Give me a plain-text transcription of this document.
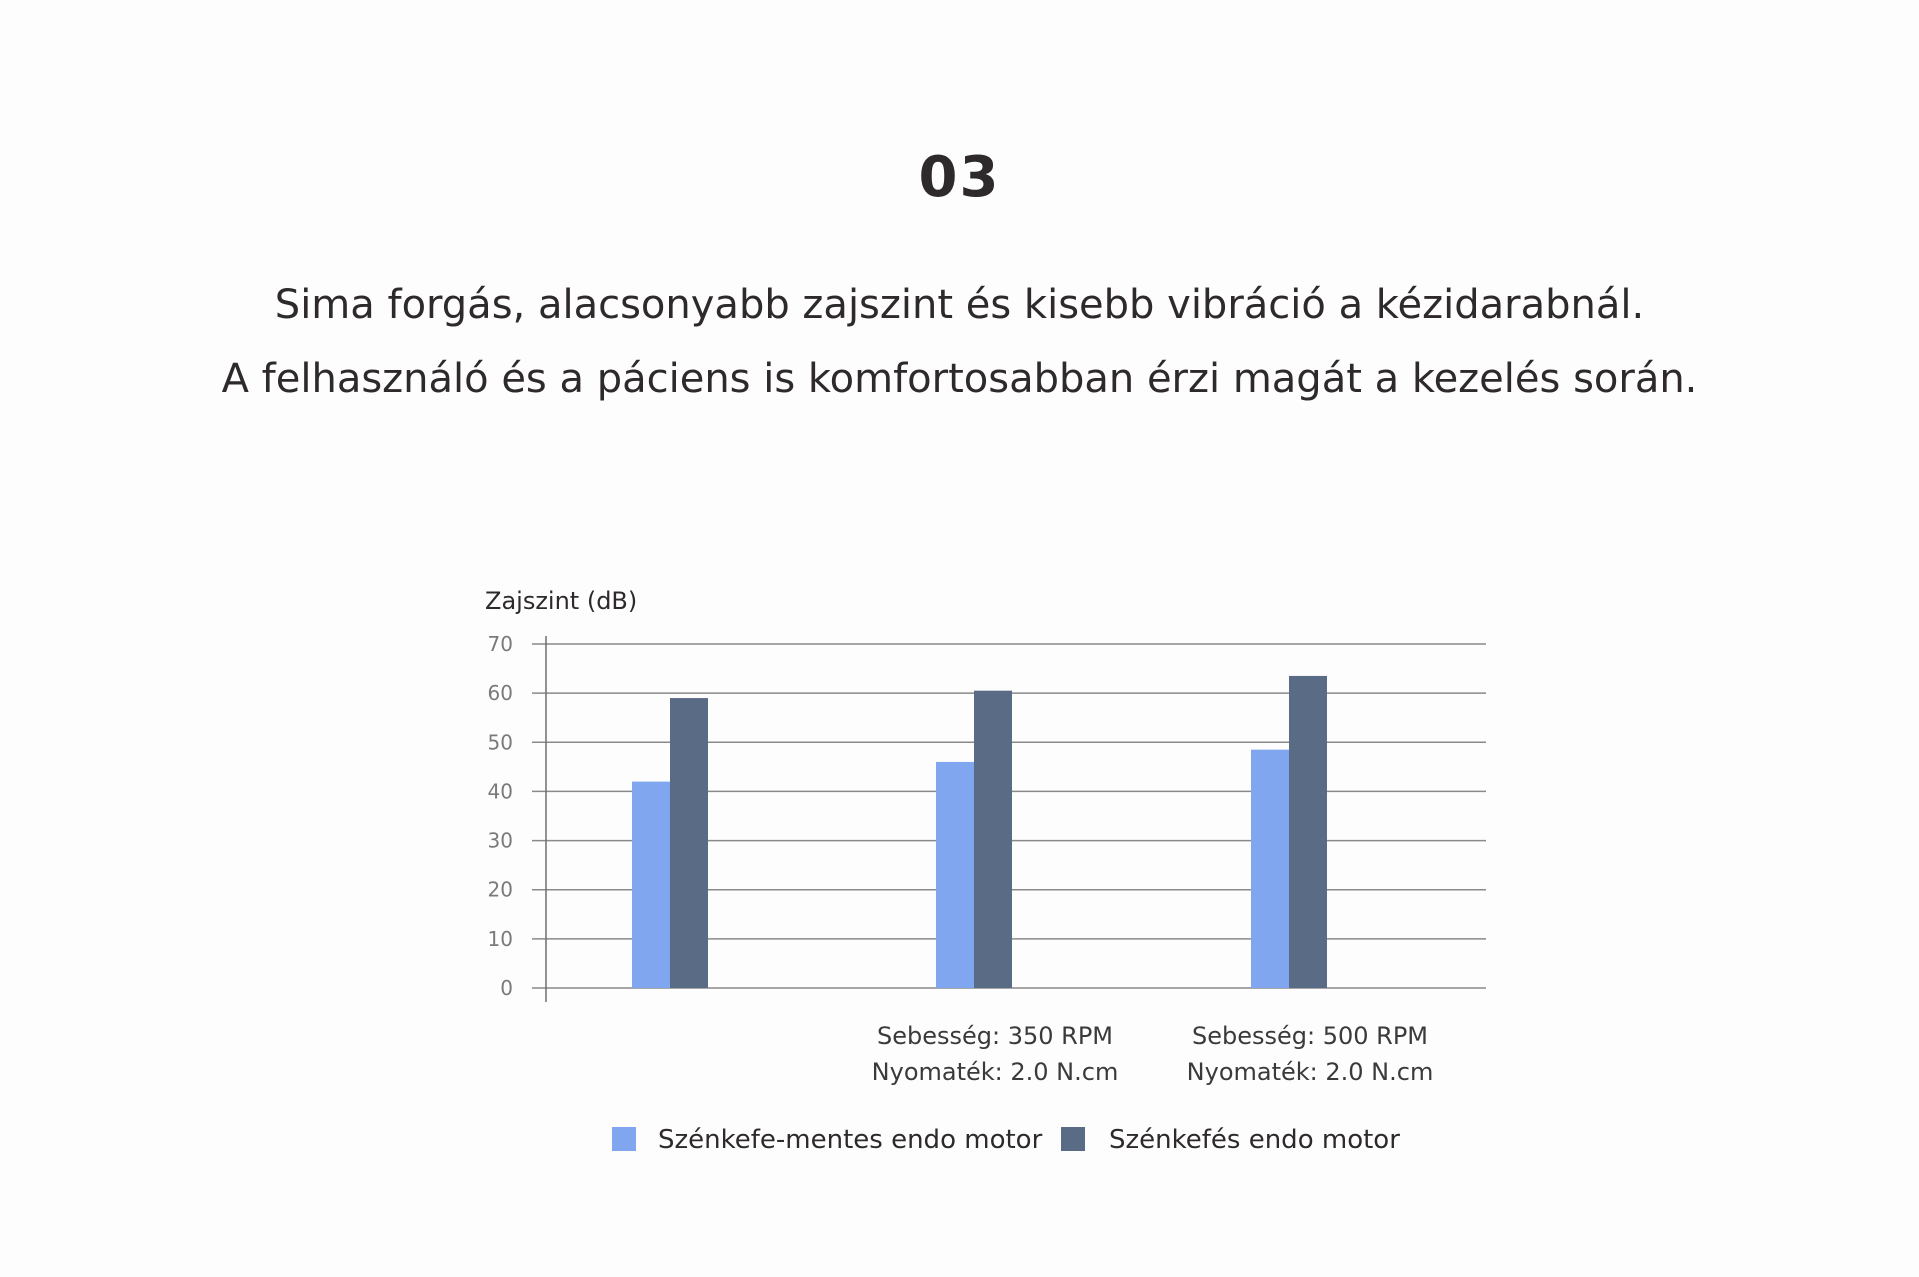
03
Sima forgás, alacsonyabb zajszint és kisebb vibráció a kézidarabnál.
A felhasználó és a páciens is komfortosabban érzi magát a kezelés során.
Zajszint (dB)
0
10
20
30
40
50
60
70
Sebesség: 350 RPM
Nyomaték: 2.0 N.cm
Sebesség: 500 RPM
Nyomaték: 2.0 N.cm
Szénkefe-mentes endo motor	Szénkefés endo motor
